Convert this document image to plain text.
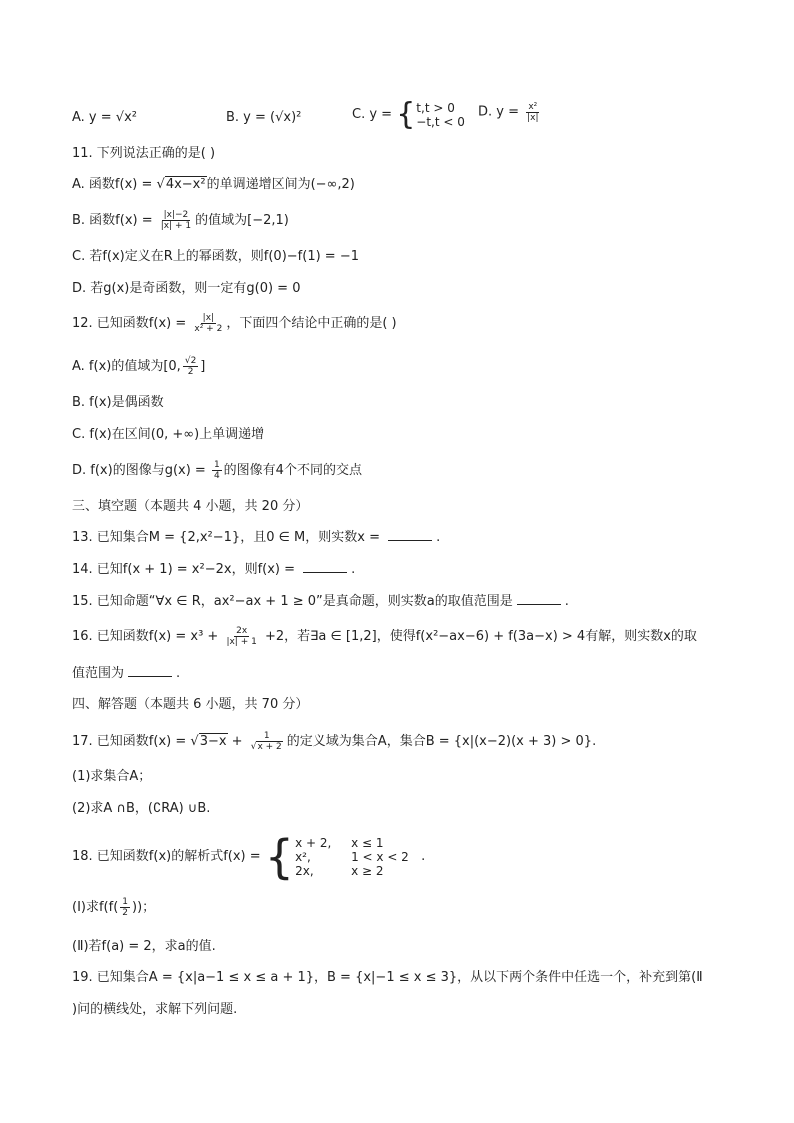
A. y = √x²	B. y = (√x)²	C. y = { t,t > 0
−t,t < 0
D. $y = \frac{\text{x²}}{|x|}$
11. 下列说法正确的是( )
A. 函数f(x) = √4x−x²的单调递增区间为(−∞,2)
B. 函数$f(x) = \frac{|x|-2}{|x| + 1}$ 的值域为[−2,1)
C. 若f(x)定义在R上的幂函数，则f(0)−f(1) = −1
D. 若g(x)是奇函数，则一定有g(0) = 0
12. 已知函数$f(x) = \frac{|x|}{\text{x² + 2}}$ ，下面四个结论中正确的是( )
A. f(x)的值域为[0, $\frac{√2}{2}$ ]
B. f(x)是偶函数
C. f(x)在区间(0, +∞)上单调递增
D. f(x)的图像与$g(x) = \frac{1}{4}$ 的图像有4个不同的交点
三、填空题（本题共 4 小题，共 20 分）
13. 已知集合M = {2,x²−1}，且0 ∈ M，则实数x =	.
14. 已知f(x + 1) = x²−2x，则f(x) =	.
15. 已知命题“∀x ∈ R，ax²−ax + 1 ≥ 0”是真命题，则实数a的取值范围是	.
16. 已知函数$f(x) = x^3 + \frac{2x}{|x| + 1} +2$，若∃a ∈ [1,2]，使得f(x²−ax−6) + f(3a−x) > 4有解，则实数x的取
值范围为	.
四、解答题（本题共 6 小题，共 70 分）
17. 已知函数$f(x) = √3-x + \frac{1}{√x + 2}$ 的定义域为集合A，集合B = {x|(x−2)(x + 3) > 0}.
(1)求集合A；
(2)求A ∩B，(∁RA) ∪B.
18. 已知函数f(x)的解析式f(x) = { x + 2,	x ≤ 1
x²,	1 < x < 2
2x,	x ≥ 2
.
(Ⅰ)求$f(f( \frac{1}{2}$ ))；
(Ⅱ)若f(a) = 2，求a的值.
19. 已知集合A = {x|a−1 ≤ x ≤ a + 1}，B = {x|−1 ≤ x ≤ 3}，从以下两个条件中任选一个，补充到第(Ⅱ
)问的横线处，求解下列问题.
